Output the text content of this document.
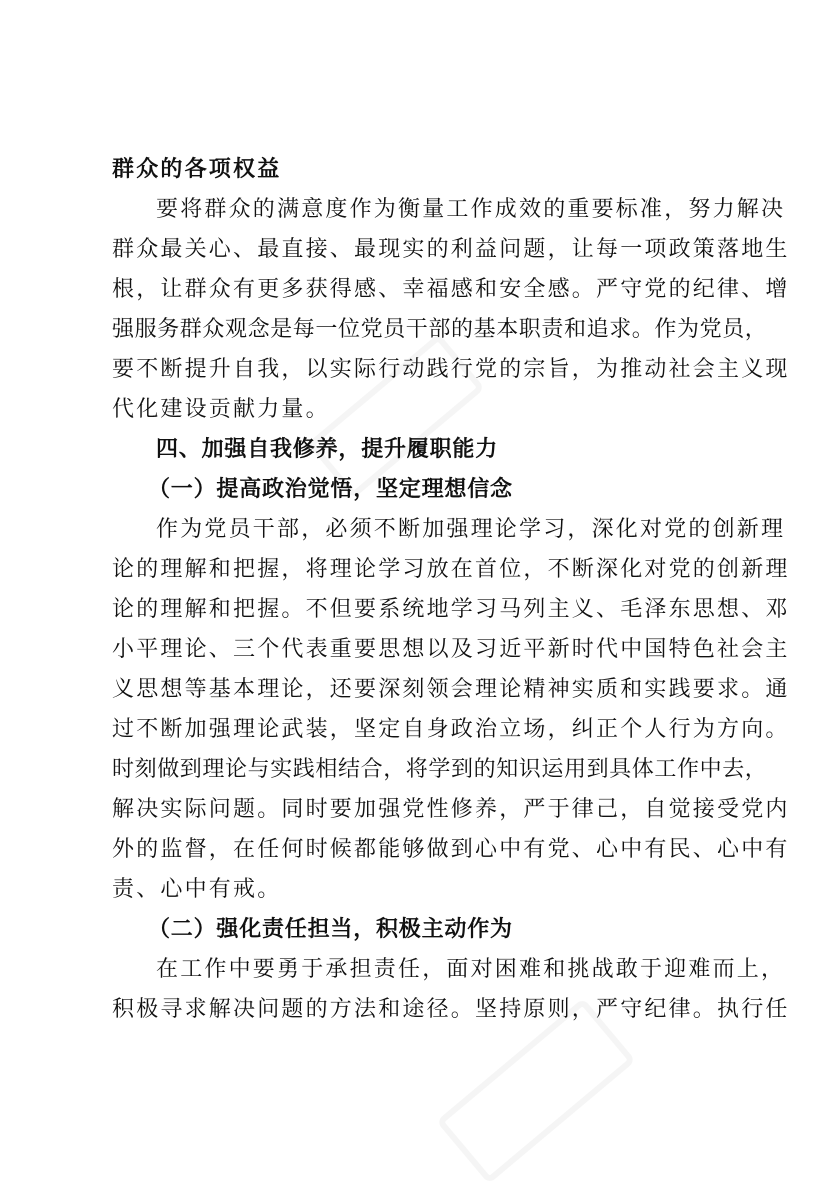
群众的各项权益
要将群众的满意度作为衡量工作成效的重要标准，努力解决
群众最关心、最直接、最现实的利益问题，让每一项政策落地生
根，让群众有更多获得感、幸福感和安全感。严守党的纪律、增
强服务群众观念是每一位党员干部的基本职责和追求。作为党员，
要不断提升自我，以实际行动践行党的宗旨，为推动社会主义现
代化建设贡献力量。
四、加强自我修养，提升履职能力
（一）提高政治觉悟，坚定理想信念
作为党员干部，必须不断加强理论学习，深化对党的创新理
论的理解和把握，将理论学习放在首位，不断深化对党的创新理
论的理解和把握。不但要系统地学习马列主义、毛泽东思想、邓
小平理论、三个代表重要思想以及习近平新时代中国特色社会主
义思想等基本理论，还要深刻领会理论精神实质和实践要求。通
过不断加强理论武装，坚定自身政治立场，纠正个人行为方向。
时刻做到理论与实践相结合，将学到的知识运用到具体工作中去，
解决实际问题。同时要加强党性修养，严于律己，自觉接受党内
外的监督，在任何时候都能够做到心中有党、心中有民、心中有
责、心中有戒。
（二）强化责任担当，积极主动作为
在工作中要勇于承担责任，面对困难和挑战敢于迎难而上，
积极寻求解决问题的方法和途径。坚持原则，严守纪律。执行任
